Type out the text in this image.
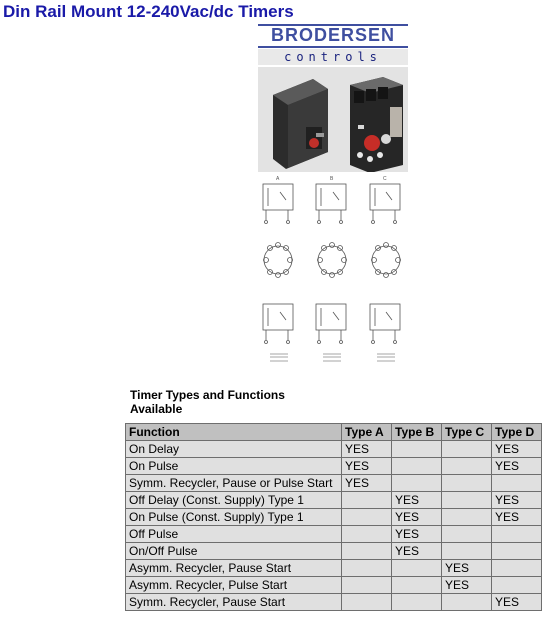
Din Rail Mount 12-240Vac/dc Timers
BRODERSEN
controls
A	B	C
Timer Types and Functions
Available
Function	Type A	Type B	Type C	Type D
On Delay	YES			YES
On Pulse	YES			YES
Symm. Recycler, Pause or Pulse Start	YES			
Off Delay (Const. Supply) Type 1		YES		YES
On Pulse (Const. Supply) Type 1		YES		YES
Off Pulse		YES		
On/Off Pulse		YES		
Asymm. Recycler, Pause Start			YES	
Asymm. Recycler, Pulse Start			YES	
Symm. Recycler, Pause Start				YES
